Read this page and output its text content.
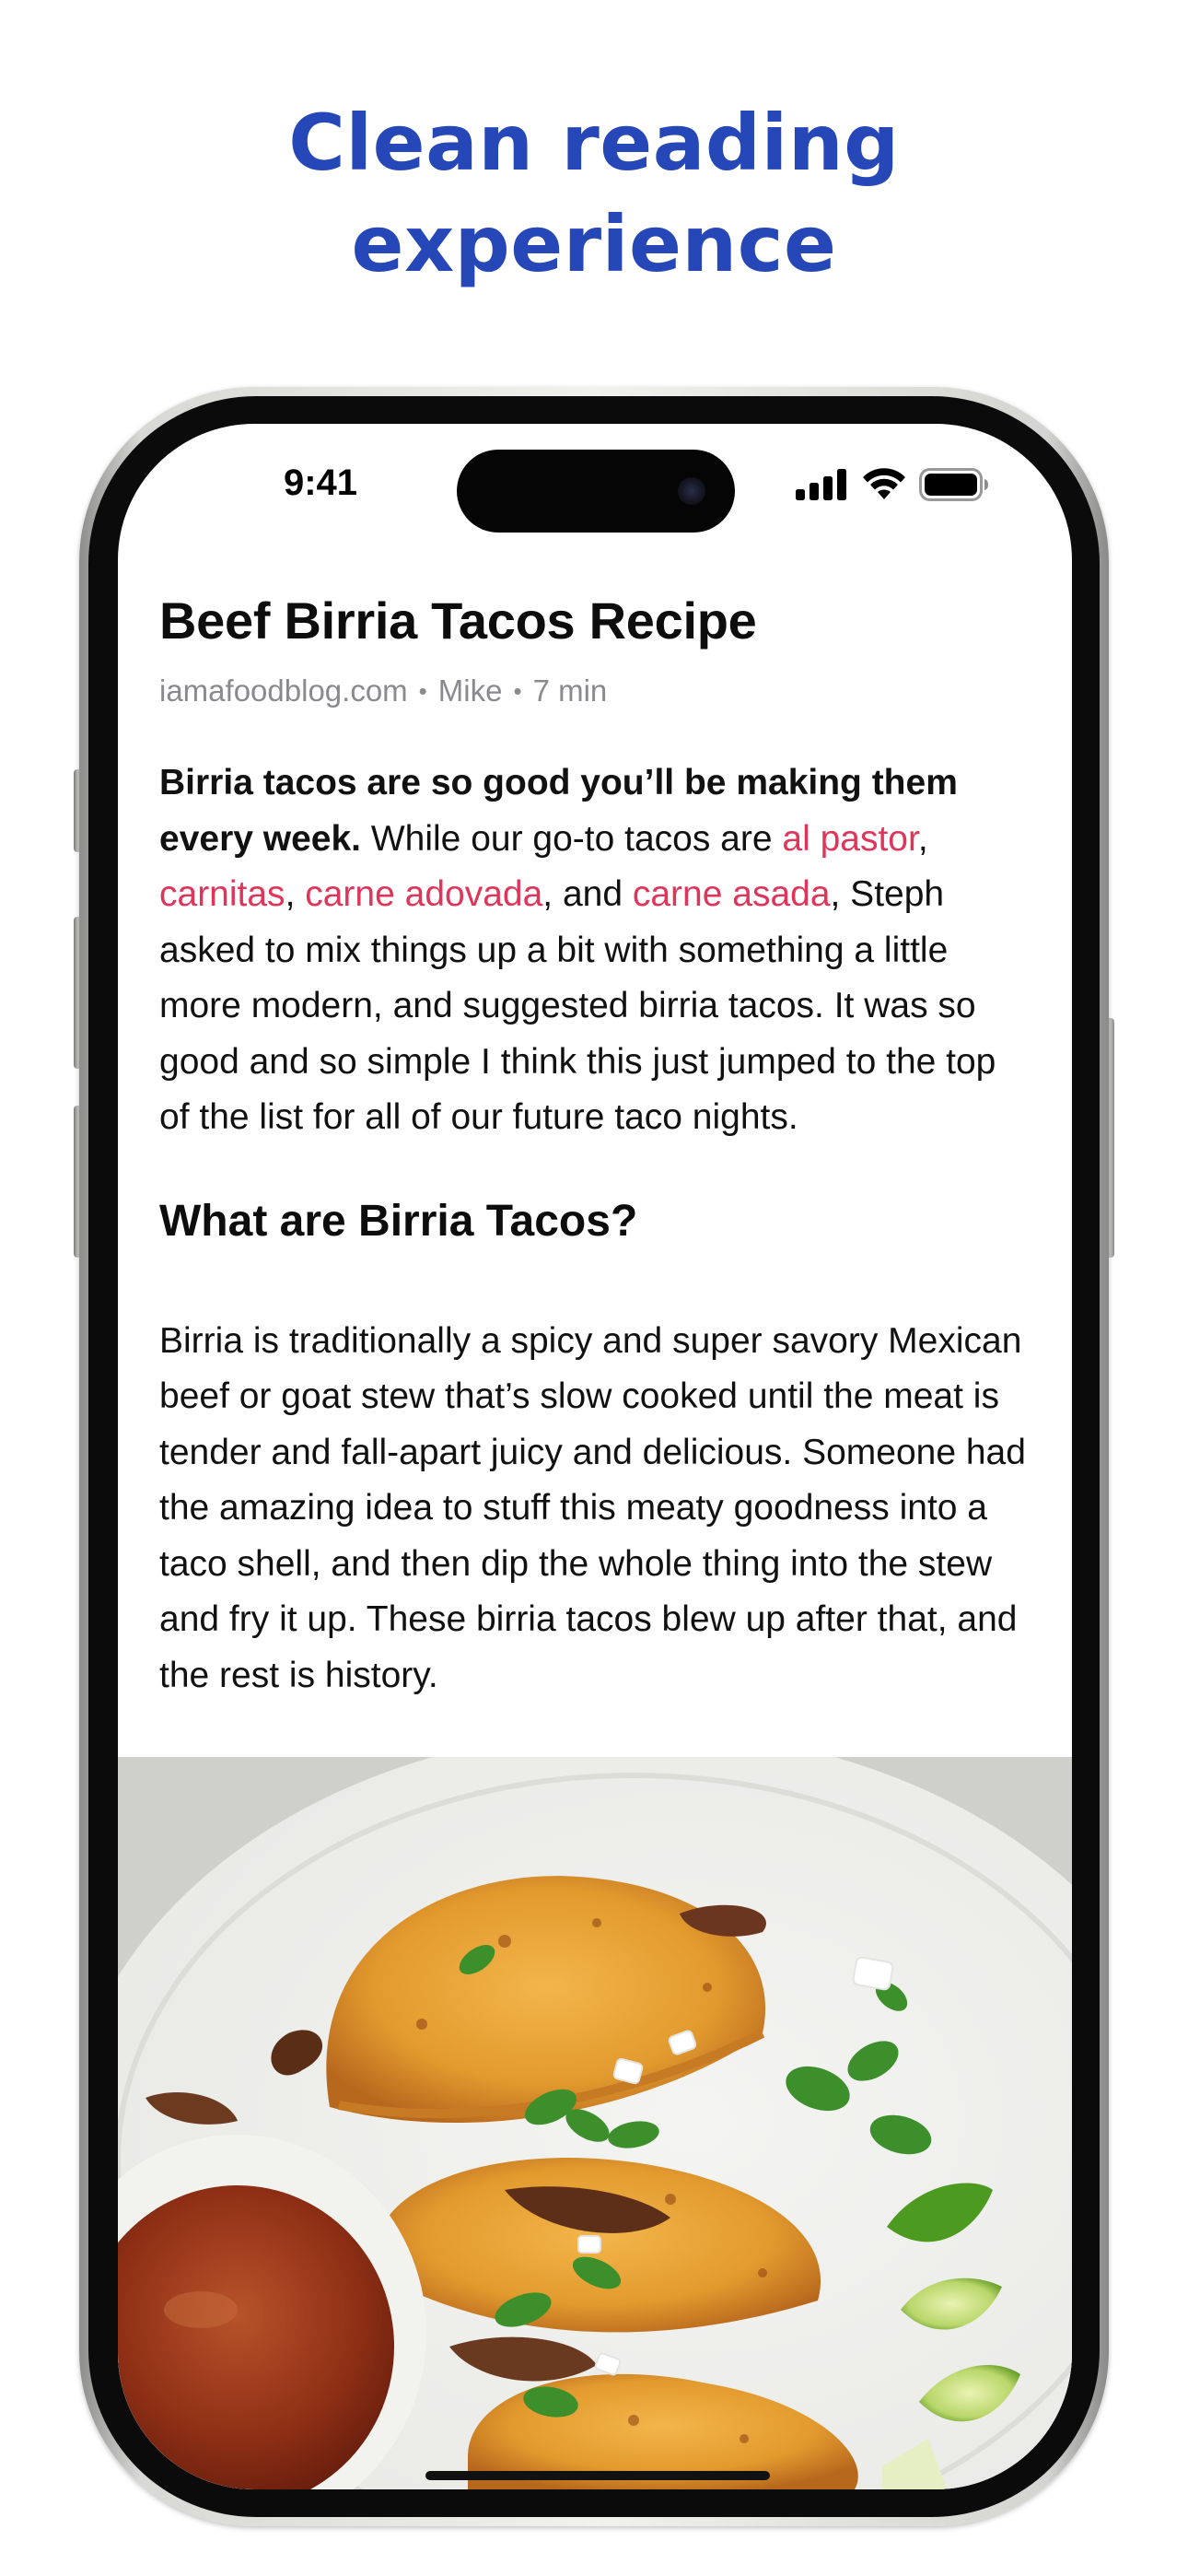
Clean reading
experience
9:41
Beef Birria Tacos Recipe
iamafoodblog.com • Mike • 7 min

Birria tacos are so good you’ll be making them every week. While our go-to tacos are al pastor,
carnitas, carne adovada, and carne asada, Steph asked to mix things up a bit with something a little more modern, and suggested birria tacos. It was so good and so simple I think this just jumped to the top of the list for all of our future taco nights.

What are Birria Tacos?

Birria is traditionally a spicy and super savory Mexican beef or goat stew that’s slow cooked until the meat is tender and fall-apart juicy and delicious. Someone had the amazing idea to stuff this meaty goodness into a taco shell, and then dip the whole thing into the stew and fry it up. These birria tacos blew up after that, and the rest is history.
